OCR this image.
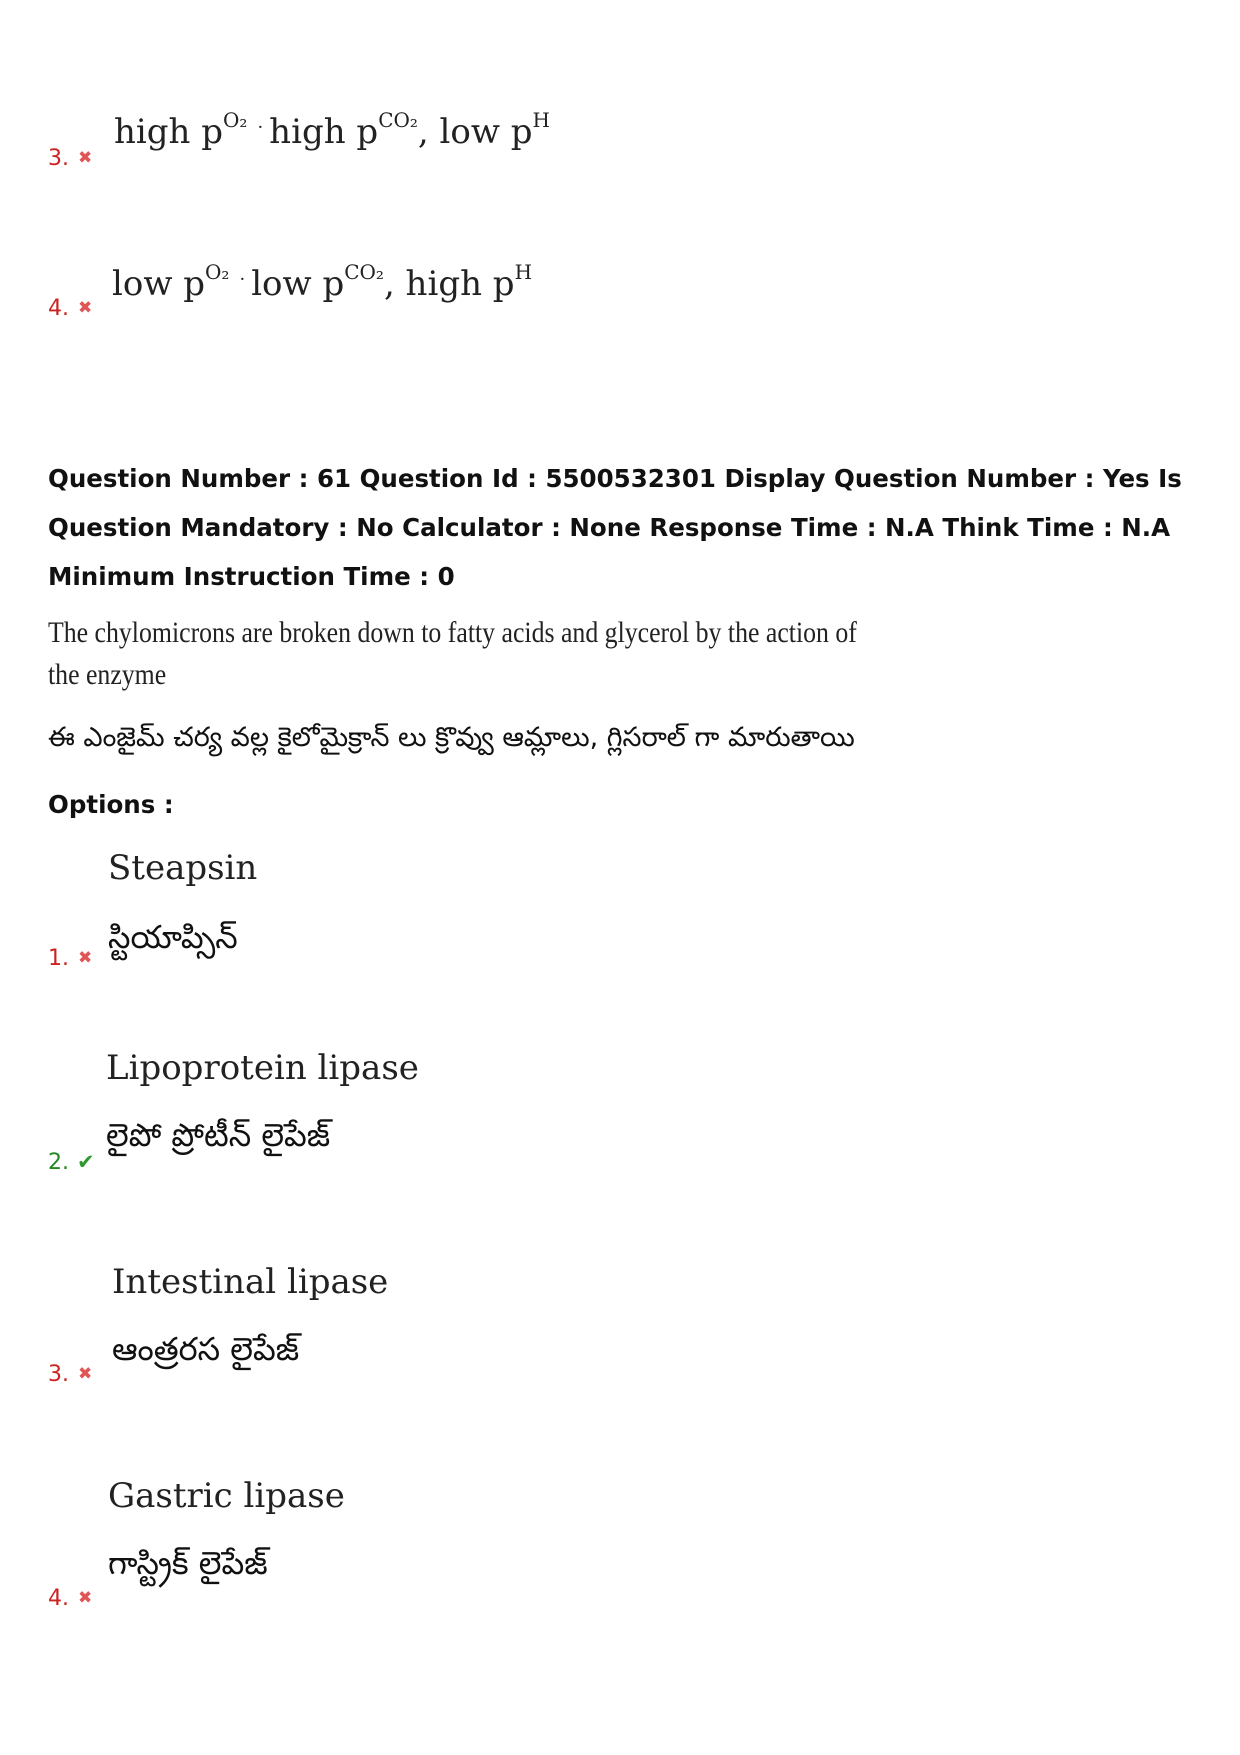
3. ✖
high $p^{O_2}$ · high $p^{CO_2}$, low $p^H$
4. ✖
low $p^{O_2}$ · low $p^{CO_2}$, high $p^H$
Question Number : 61 Question Id : 5500532301 Display Question Number : Yes Is Question Mandatory : No Calculator : None Response Time : N.A Think Time : N.A Minimum Instruction Time : 0
The chylomicrons are broken down to fatty acids and glycerol by the action of the enzyme
ఈ ఎంజైమ్ చర్య వల్ల కైలోమైక్రాన్ లు క్రొవ్వు ఆమ్లాలు, గ్లిసరాల్ గా మారుతాయి
Options :
Steapsin
స్టియాప్సిన్
1. ✖
Lipoprotein lipase
లైపో ప్రోటీన్ లైపేజ్
2. ✔
Intestinal lipase
ఆంత్రరస లైపేజ్
3. ✖
Gastric lipase
గాస్ట్రిక్ లైపేజ్
4. ✖
